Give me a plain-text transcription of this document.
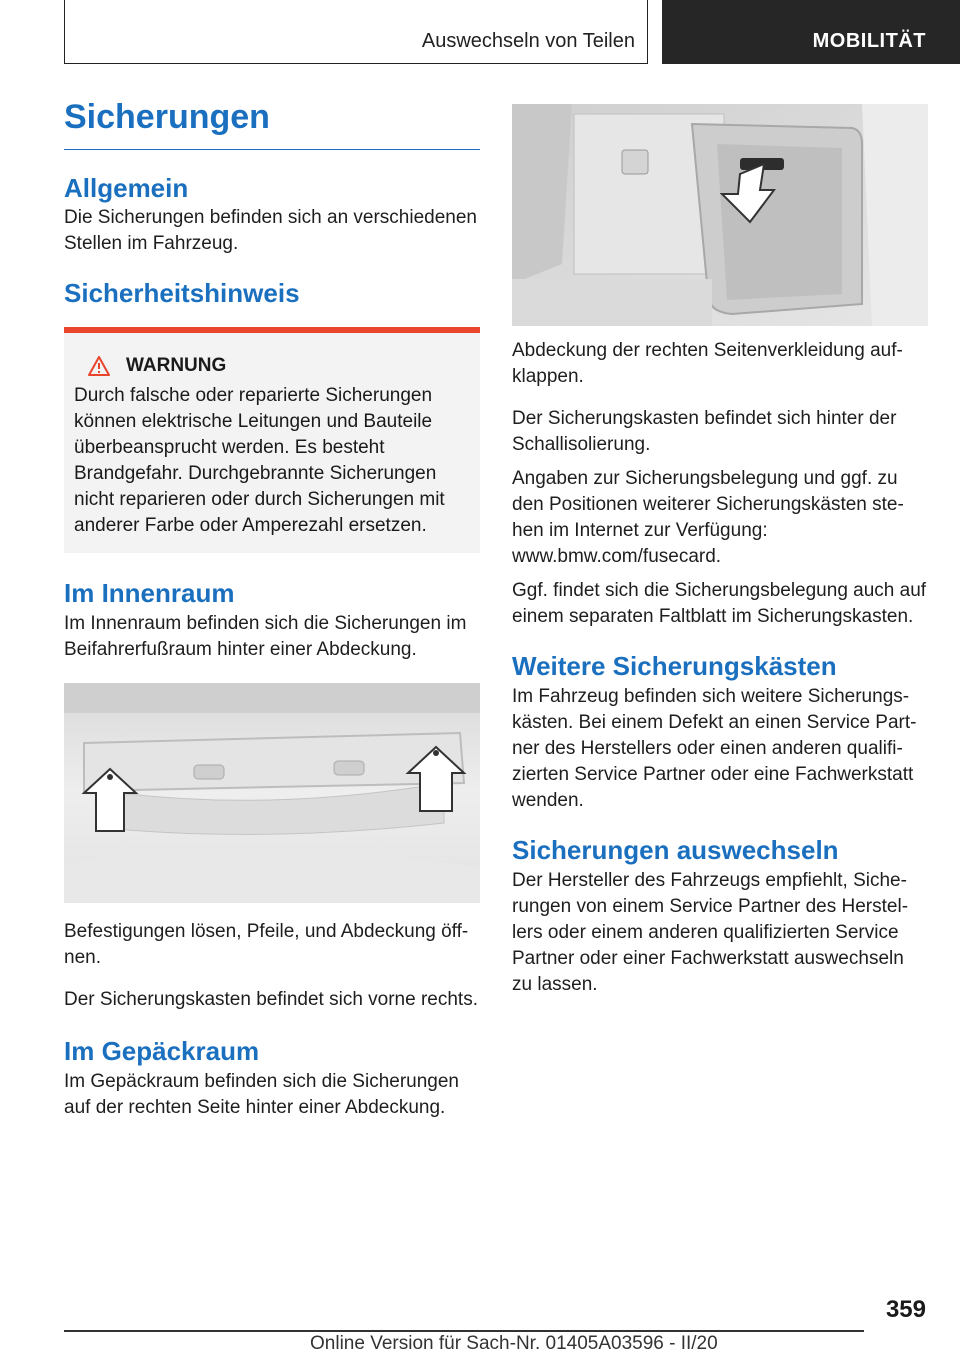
Auswechseln von Teilen	MOBILITÄT
Sicherungen
Allgemein

Die Sicherungen befinden sich an verschiedenen Stellen im Fahrzeug.

Sicherheitshinweis
WARNUNG
Durch falsche oder reparierte Sicherungen können elektrische Leitungen und Bauteile überbeansprucht werden. Es besteht Brandgefahr. Durchgebrannte Sicherungen nicht reparieren oder durch Sicherungen mit anderer Farbe oder Amperezahl ersetzen.
Im Innenraum

Im Innenraum befinden sich die Sicherungen im Beifahrerfußraum hinter einer Abdeckung.

Befestigungen lösen, Pfeile, und Abdeckung öffnen.

Der Sicherungskasten befindet sich vorne rechts.

Im Gepäckraum

Im Gepäckraum befinden sich die Sicherungen auf der rechten Seite hinter einer Abdeckung.

Abdeckung der rechten Seitenverkleidung aufklappen.

Der Sicherungskasten befindet sich hinter der Schallisolierung.

Angaben zur Sicherungsbelegung und ggf. zu den Positionen weiterer Sicherungskästen stehen im Internet zur Verfügung: www.bmw.com/fusecard.

Ggf. findet sich die Sicherungsbelegung auch auf einem separaten Faltblatt im Sicherungskasten.

Weitere Sicherungskästen

Im Fahrzeug befinden sich weitere Sicherungskästen. Bei einem Defekt an einen Service Partner des Herstellers oder einen anderen qualifizierten Service Partner oder eine Fachwerkstatt wenden.

Sicherungen auswechseln

Der Hersteller des Fahrzeugs empfiehlt, Sicherungen von einem Service Partner des Herstellers oder einem anderen qualifizierten Service Partner oder einer Fachwerkstatt auswechseln zu lassen.

359
Online Version für Sach-Nr. 01405A03596 - II/20
